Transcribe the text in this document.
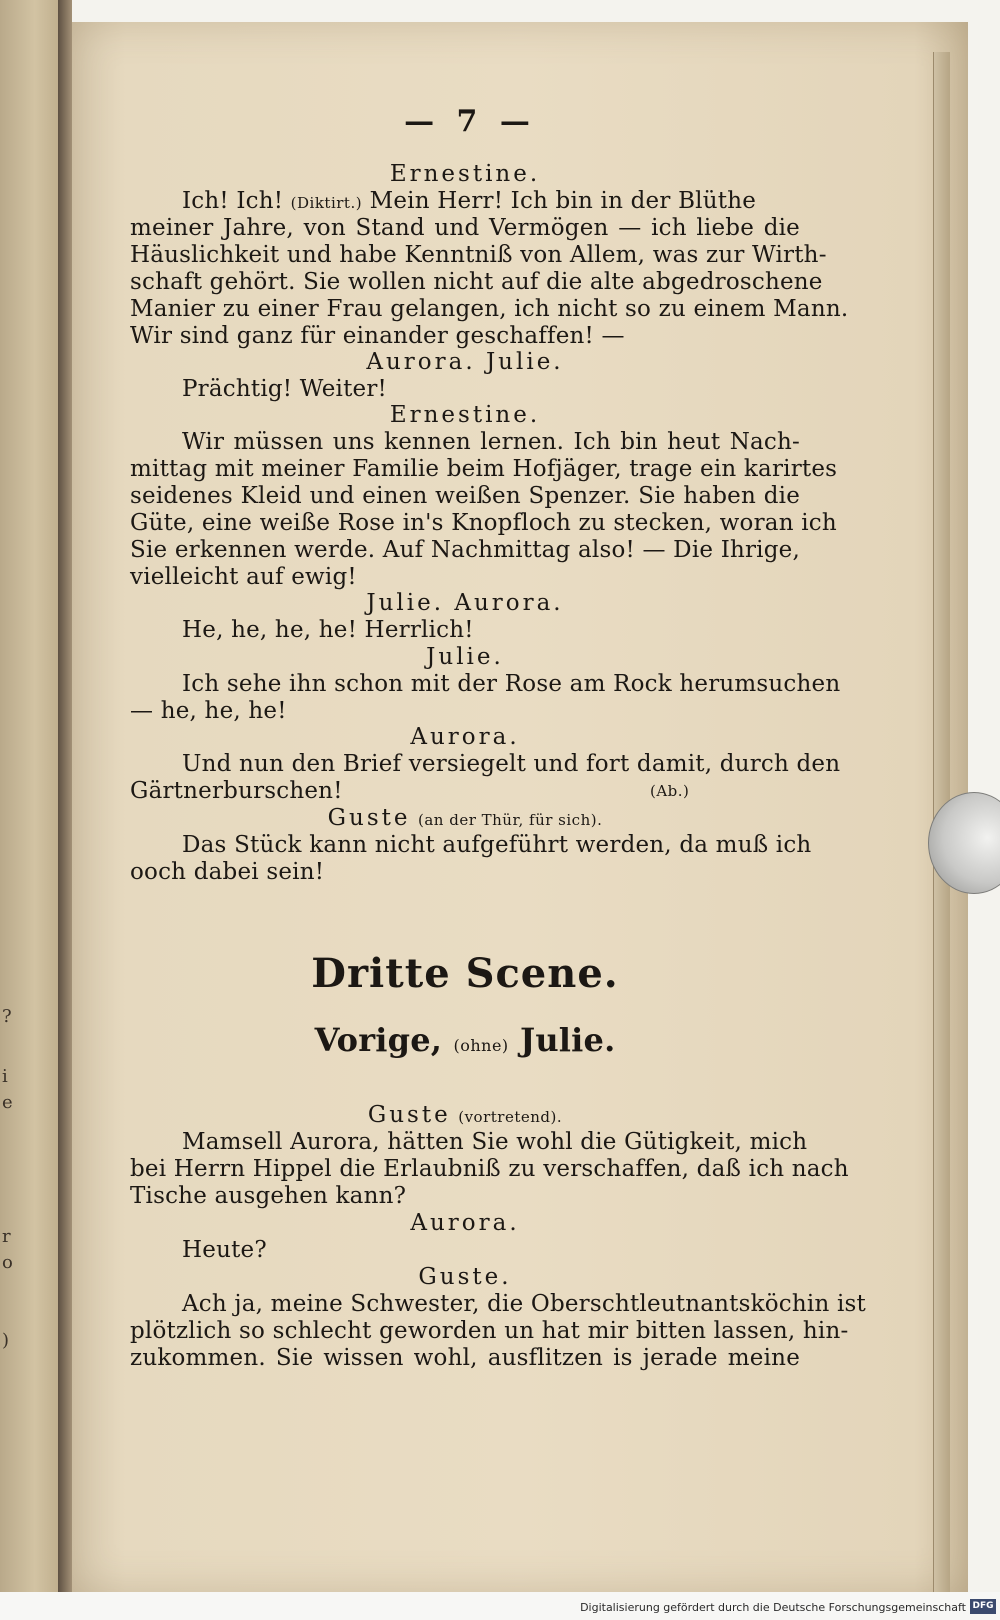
?
i
e
r
o
)
— 7 —
Ernestine.
Ich! Ich! (Diktirt.) Mein Herr! Ich bin in der Blüthe
meiner Jahre, von Stand und Vermögen — ich liebe die
Häuslichkeit und habe Kenntniß von Allem, was zur Wirth-
schaft gehört. Sie wollen nicht auf die alte abgedroschene
Manier zu einer Frau gelangen, ich nicht so zu einem Mann.
Wir sind ganz für einander geschaffen! —
Aurora. Julie.
Prächtig! Weiter!
Ernestine.
Wir müssen uns kennen lernen. Ich bin heut Nach-
mittag mit meiner Familie beim Hofjäger, trage ein karirtes
seidenes Kleid und einen weißen Spenzer. Sie haben die
Güte, eine weiße Rose in's Knopfloch zu stecken, woran ich
Sie erkennen werde. Auf Nachmittag also! — Die Ihrige,
vielleicht auf ewig!
Julie. Aurora.
He, he, he, he! Herrlich!
Julie.
Ich sehe ihn schon mit der Rose am Rock herumsuchen
— he, he, he!
Aurora.
Und nun den Brief versiegelt und fort damit, durch den
Gärtnerburschen!	(Ab.)
Guste (an der Thür, für sich).
Das Stück kann nicht aufgeführt werden, da muß ich
ooch dabei sein!
Dritte Scene.
Vorige, (ohne) Julie.
Guste (vortretend).
Mamsell Aurora, hätten Sie wohl die Gütigkeit, mich
bei Herrn Hippel die Erlaubniß zu verschaffen, daß ich nach
Tische ausgehen kann?
Aurora.
Heute?
Guste.
Ach ja, meine Schwester, die Oberschtleutnantsköchin ist
plötzlich so schlecht geworden un hat mir bitten lassen, hin-
zukommen. Sie wissen wohl, ausflitzen is jerade meine
Digitalisierung gefördert durch die Deutsche Forschungsgemeinschaft DFG
